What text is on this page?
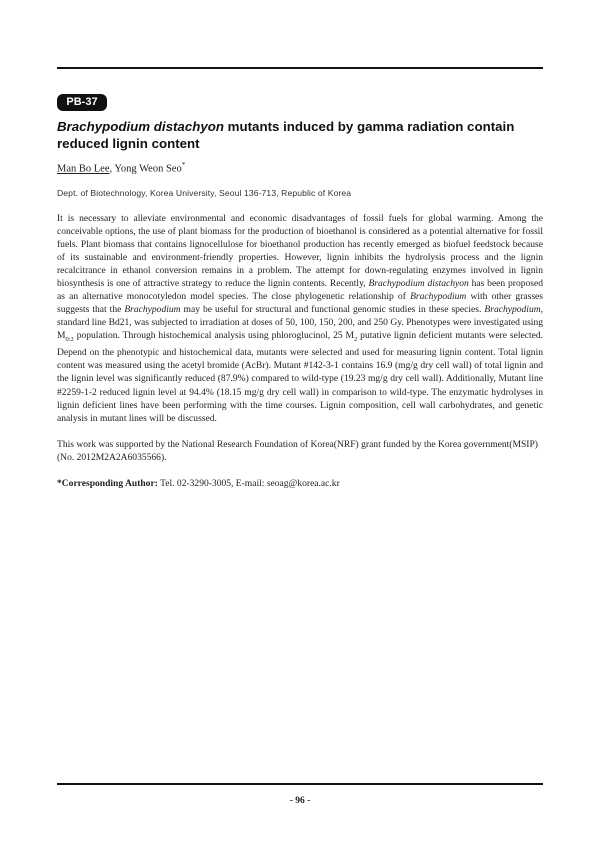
PB-37
Brachypodium distachyon mutants induced by gamma radiation contain reduced lignin content
Man Bo Lee, Yong Weon Seo*
Dept. of Biotechnology, Korea University, Seoul 136-713, Republic of Korea
It is necessary to alleviate environmental and economic disadvantages of fossil fuels for global warming. Among the conceivable options, the use of plant biomass for the production of bioethanol is considered as a potential alternative for fossil fuels. Plant biomass that contains lignocellulose for bioethanol production has recently emerged as biofuel feedstock because of its sustainable and environment-friendly properties. However, lignin inhibits the hydrolysis process and the lignin recalcitrance in ethanol conversion remains in a problem. The attempt for down-regulating enzymes involved in lignin biosynthesis is one of attractive strategy to reduce the lignin contents. Recently, Brachypodium distachyon has been proposed as an alternative monocotyledon model species. The close phylogenetic relationship of Brachypodium with other grasses suggests that the Brachypodium may be useful for structural and functional genomic studies in these species. Brachypodium, standard line Bd21, was subjected to irradiation at doses of 50, 100, 150, 200, and 250 Gy. Phenotypes were investigated using $M_{0:2}$ population. Through histochemical analysis using phloroglucinol, 25 $M_2$ putative lignin deficient mutants were selected. Depend on the phenotypic and histochemical data, mutants were selected and used for measuring lignin content. Total lignin content was measured using the acetyl bromide (AcBr). Mutant #142-3-1 contains 16.9 (mg/g dry cell wall) of total lignin and the lignin level was significantly reduced (87.9%) compared to wild-type (19.23 mg/g dry cell wall). Additionally, Mutant line #2259-1-2 reduced lignin level at 94.4% (18.15 mg/g dry cell wall) in comparison to wild-type. The enzymatic hydrolyses in lignin deficient lines have been performing with the time courses. Lignin composition, cell wall carbohydrates, and genetic analysis in mutant lines will be discussed.
This work was supported by the National Research Foundation of Korea(NRF) grant funded by the Korea government(MSIP) (No. 2012M2A2A6035566).
*Corresponding Author: Tel. 02-3290-3005, E-mail: seoag@korea.ac.kr
- 96 -
